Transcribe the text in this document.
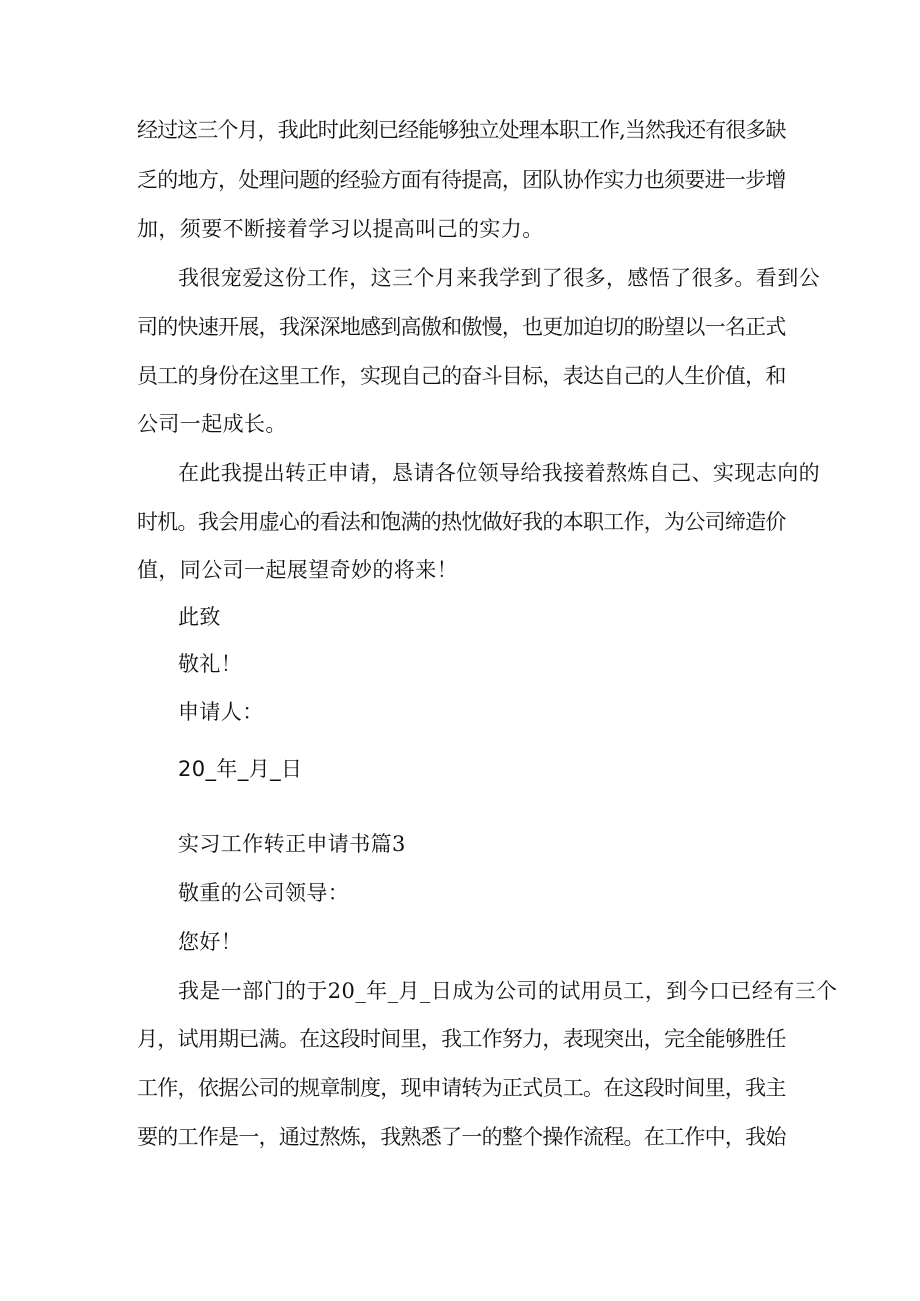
经过这三个月，我此时此刻已经能够独立处理本职工作,当然我还有很多缺
乏的地方，处理问题的经验方面有待提高，团队协作实力也须要进一步增
加，须要不断接着学习以提高叫己的实力。
我很宠爱这份工作，这三个月来我学到了很多，感悟了很多。看到公
司的快速开展，我深深地感到高傲和傲慢，也更加迫切的盼望以一名正式
员工的身份在这里工作，实现自己的奋斗目标，表达自己的人生价值，和
公司一起成长。
在此我提出转正申请，恳请各位领导给我接着熬炼自己、实现志向的
时机。我会用虚心的看法和饱满的热忱做好我的本职工作，为公司缔造价
值，同公司一起展望奇妙的将来！
此致
敬礼！
申请人：
20_年_月_日
实习工作转正申请书篇3
敬重的公司领导：
您好！
我是一部门的于20_年_月_日成为公司的试用员工，到今口已经有三个
月，试用期已满。在这段时间里，我工作努力，表现突出，完全能够胜任
工作，依据公司的规章制度，现申请转为正式员工。在这段时间里，我主
要的工作是一，通过熬炼，我熟悉了一的整个操作流程。在工作中，我始
